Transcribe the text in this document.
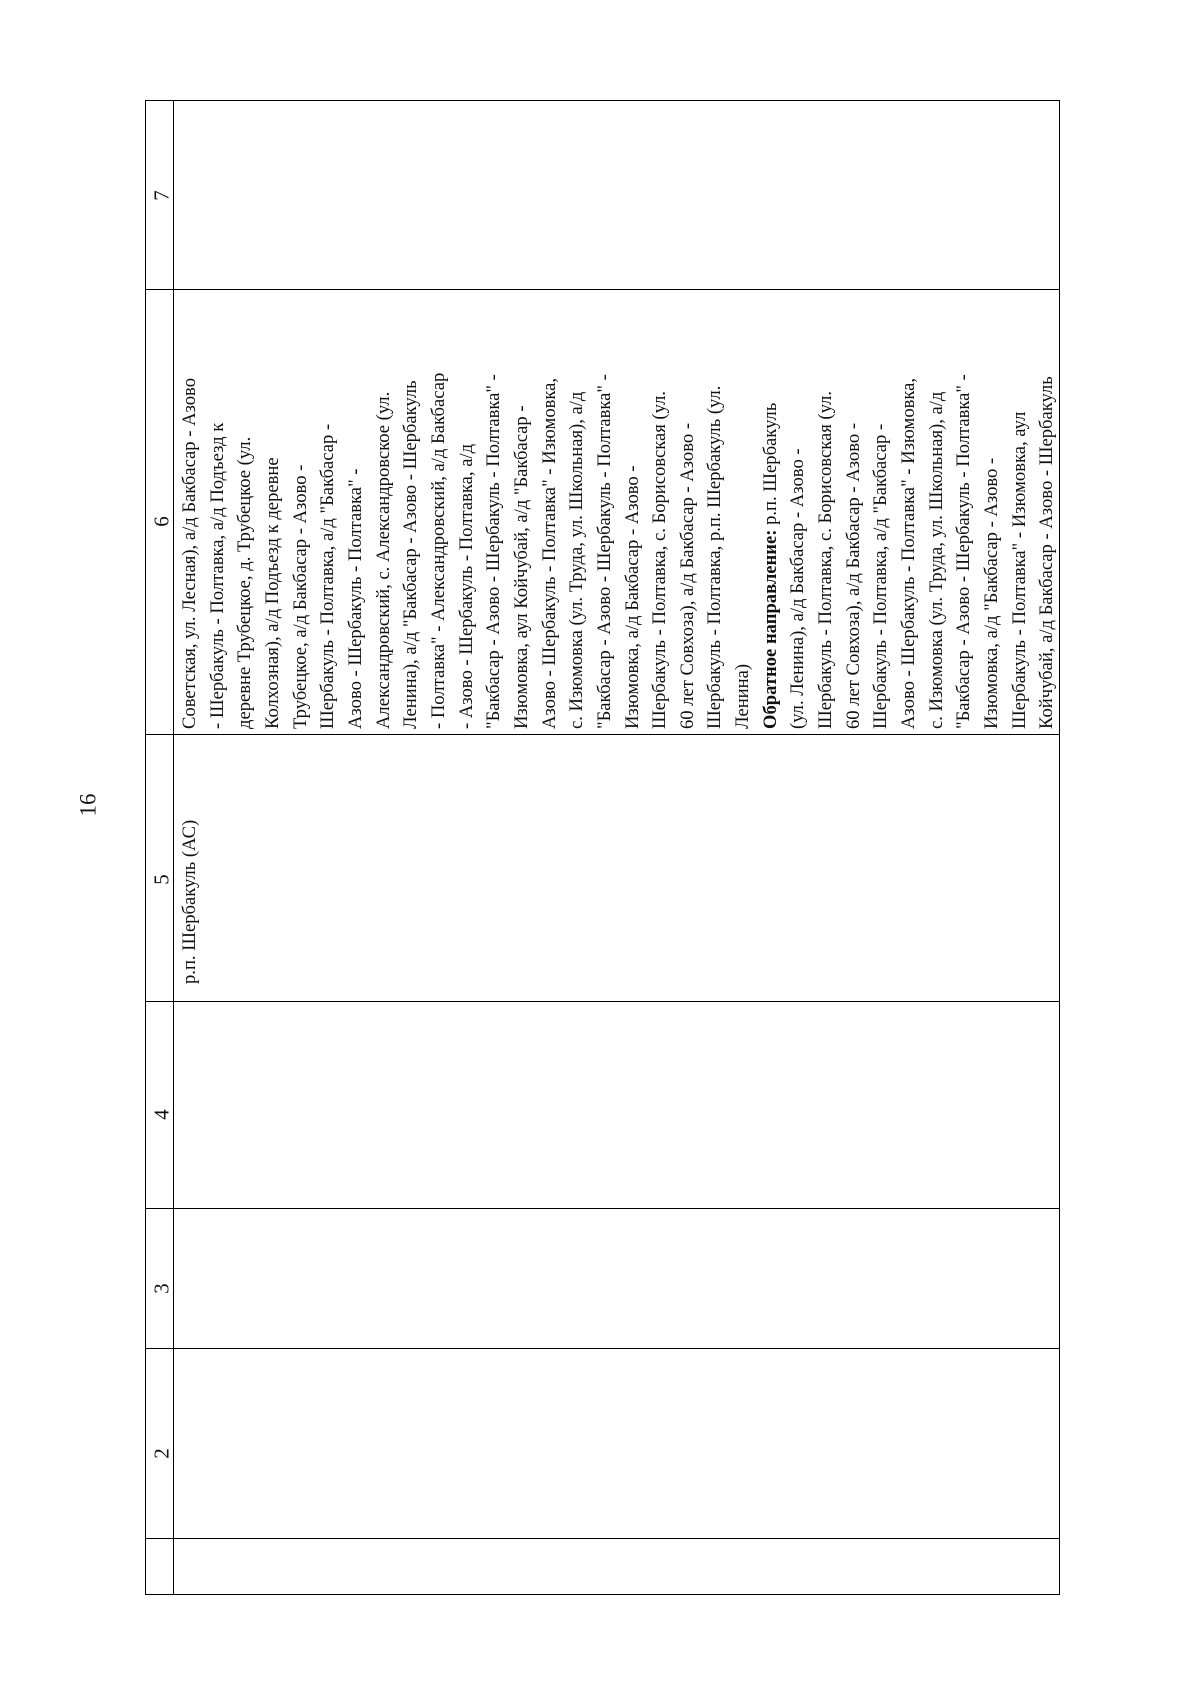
16
7
6
5
4
3
2
р.п. Шербакуль (АС)
Советская, ул. Лесная), а/д Бакбасар - Азово - Шербакуль - Полтавка, а/д Подъезд к деревне Трубецкое, д. Трубецкое (ул. Колхозная), а/д Подъезд к деревне Трубецкое, а/д Бакбасар - Азово - Шербакуль - Полтавка, а/д "Бакбасар - Азово - Шербакуль - Полтавка" - Александровский, с. Александровское (ул. Ленина), а/д "Бакбасар - Азово - Шербакуль - Полтавка" - Александровский, а/д Бакбасар - Азово - Шербакуль - Полтавка, а/д "Бакбасар - Азово - Шербакуль - Полтавка" - Изюмовка, аул Койчубай, а/д "Бакбасар - Азово - Шербакуль - Полтавка" - Изюмовка, с. Изюмовка (ул. Труда, ул. Школьная), а/д "Бакбасар - Азово - Шербакуль - Полтавка" - Изюмовка, а/д Бакбасар - Азово - Шербакуль - Полтавка, с. Борисовская (ул. 60 лет Совхоза), а/д Бакбасар - Азово - Шербакуль - Полтавка, р.п. Шербакуль (ул. Ленина) Обратное направление: р.п. Шербакуль (ул. Ленина), а/д Бакбасар - Азово - Шербакуль - Полтавка, с. Борисовская (ул. 60 лет Совхоза), а/д Бакбасар - Азово - Шербакуль - Полтавка, а/д "Бакбасар - Азово - Шербакуль - Полтавка" - Изюмовка, с. Изюмовка (ул. Труда, ул. Школьная), а/д "Бакбасар - Азово - Шербакуль - Полтавка" - Изюмовка, а/д "Бакбасар - Азово - Шербакуль - Полтавка" - Изюмовка, аул Койчубай, а/д Бакбасар - Азово - Шербакуль
